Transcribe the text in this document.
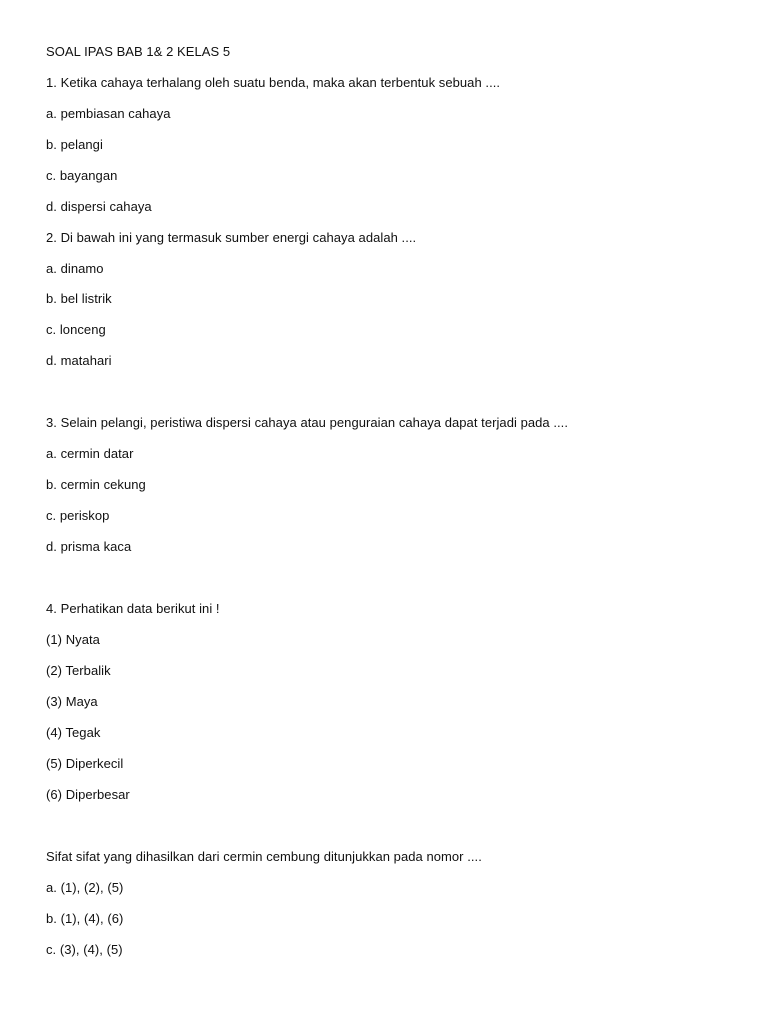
SOAL IPAS BAB 1& 2 KELAS 5
1. Ketika cahaya terhalang oleh suatu benda, maka akan terbentuk sebuah ....
a. pembiasan cahaya
b. pelangi
c. bayangan
d. dispersi cahaya
2. Di bawah ini yang termasuk sumber energi cahaya adalah ....
a. dinamo
b. bel listrik
c. lonceng
d. matahari
3. Selain pelangi, peristiwa dispersi cahaya atau penguraian cahaya dapat terjadi pada ....
a. cermin datar
b. cermin cekung
c. periskop
d. prisma kaca
4. Perhatikan data berikut ini !
(1) Nyata
(2) Terbalik
(3) Maya
(4) Tegak
(5) Diperkecil
(6) Diperbesar
Sifat sifat yang dihasilkan dari cermin cembung ditunjukkan pada nomor ....
a. (1), (2), (5)
b. (1), (4), (6)
c. (3), (4), (5)
